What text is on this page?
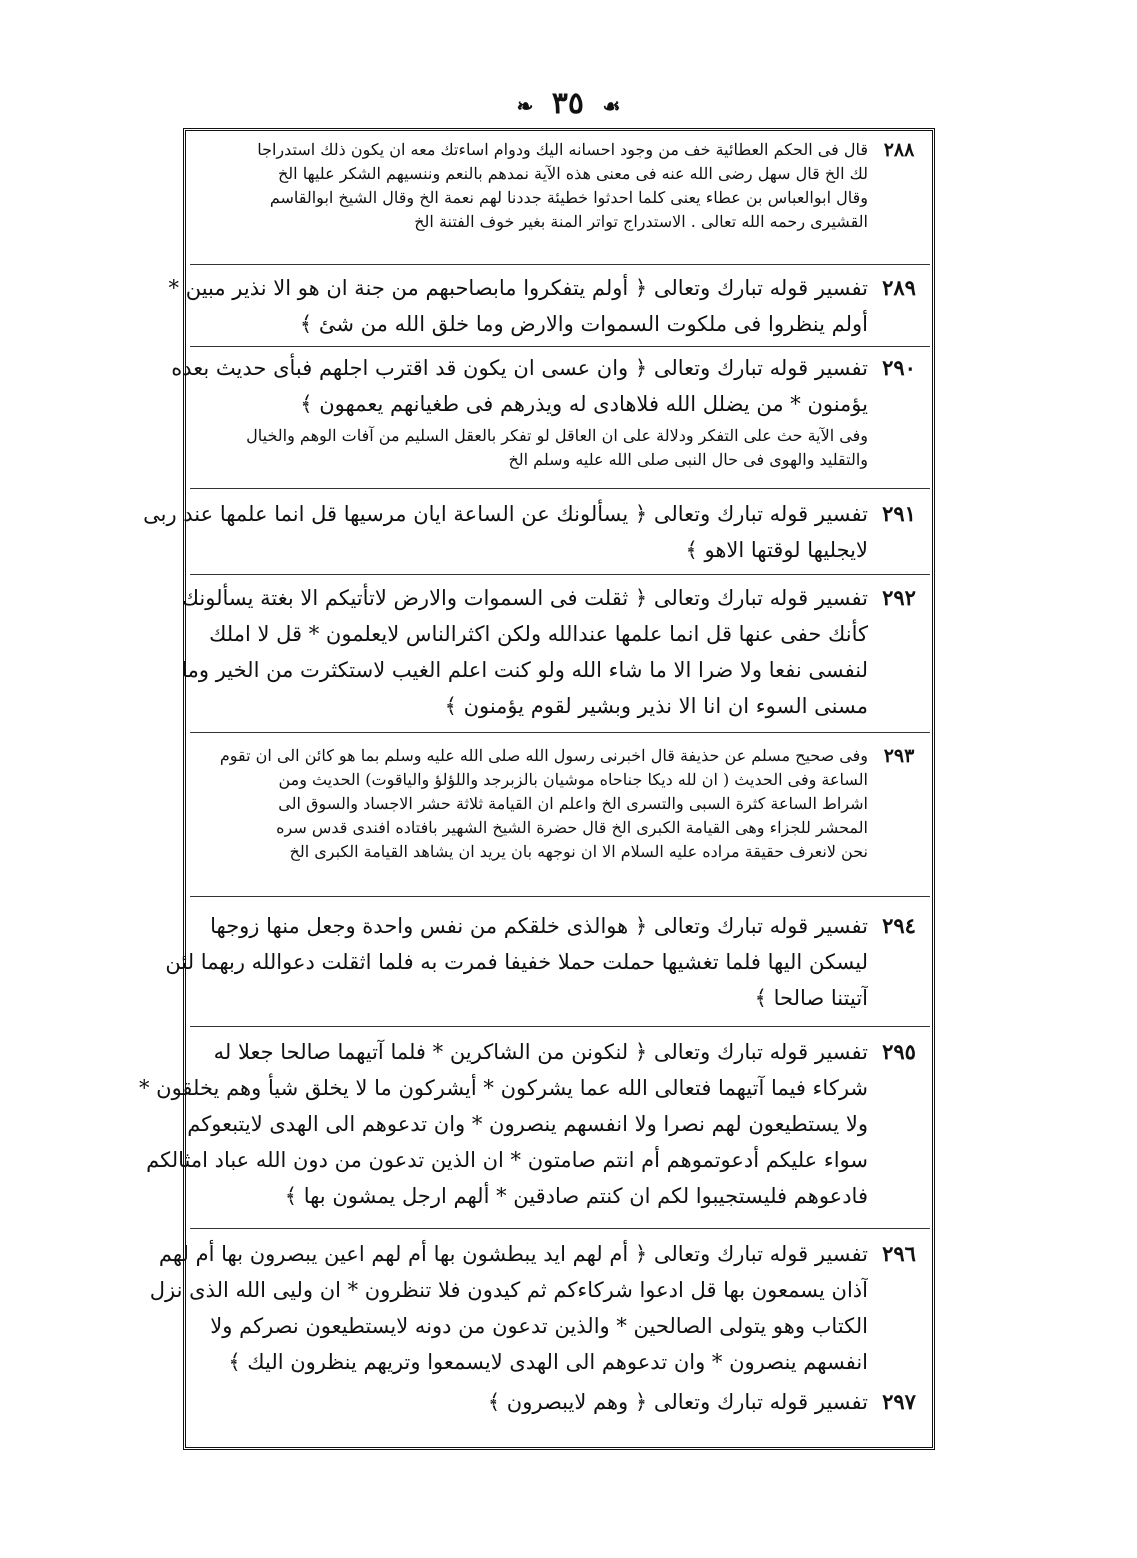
❧ ٣٥ ☙
٢٨٨
قال فى الحكم العطائية خف من وجود احسانه اليك ودوام اساءتك معه ان يكون ذلك استدراجا
لك الخ قال سهل رضى الله عنه فى معنى هذه الآية نمدهم بالنعم وننسيهم الشكر عليها الخ
وقال ابوالعباس بن عطاء يعنى كلما احدثوا خطيئة جددنا لهم نعمة الخ وقال الشيخ ابوالقاسم
القشيرى رحمه الله تعالى . الاستدراج تواتر المنة بغير خوف الفتنة الخ
٢٨٩
تفسير قوله تبارك وتعالى ﴿ أولم يتفكروا مابصاحبهم من جنة ان هو الا نذير مبين *
أولم ينظروا فى ملكوت السموات والارض وما خلق الله من شئ ﴾
٢٩٠
تفسير قوله تبارك وتعالى ﴿ وان عسى ان يكون قد اقترب اجلهم فبأى حديث بعده
يؤمنون * من يضلل الله فلاهادى له ويذرهم فى طغيانهم يعمهون ﴾
وفى الآية حث على التفكر ودلالة على ان العاقل لو تفكر بالعقل السليم من آفات الوهم والخيال
والتقليد والهوى فى حال النبى صلى الله عليه وسلم الخ
٢٩١
تفسير قوله تبارك وتعالى ﴿ يسألونك عن الساعة ايان مرسيها قل انما علمها عند ربى
لايجليها لوقتها الاهو ﴾
٢٩٢
تفسير قوله تبارك وتعالى ﴿ ثقلت فى السموات والارض لاتأتيكم الا بغتة يسألونك
كأنك حفى عنها قل انما علمها عندالله ولكن اكثرالناس لايعلمون * قل لا املك
لنفسى نفعا ولا ضرا الا ما شاء الله ولو كنت اعلم الغيب لاستكثرت من الخير وما
مسنى السوء ان انا الا نذير وبشير لقوم يؤمنون ﴾
٢٩٣
وفى صحيح مسلم عن حذيفة قال اخبرنى رسول الله صلى الله عليه وسلم بما هو كائن الى ان تقوم
الساعة وفى الحديث ( ان لله ديكا جناحاه موشيان بالزبرجد واللؤلؤ والياقوت) الحديث ومن
اشراط الساعة كثرة السبى والتسرى الخ واعلم ان القيامة ثلاثة حشر الاجساد والسوق الى
المحشر للجزاء وهى القيامة الكبرى الخ قال حضرة الشيخ الشهير بافتاده افندى قدس سره
نحن لانعرف حقيقة مراده عليه السلام الا ان نوجهه بان يريد ان يشاهد القيامة الكبرى الخ
٢٩٤
تفسير قوله تبارك وتعالى ﴿ هوالذى خلقكم من نفس واحدة وجعل منها زوجها
ليسكن اليها فلما تغشيها حملت حملا خفيفا فمرت به فلما اثقلت دعوالله ربهما لئن
آتيتنا صالحا ﴾
٢٩٥
تفسير قوله تبارك وتعالى ﴿ لنكونن من الشاكرين * فلما آتيهما صالحا جعلا له
شركاء فيما آتيهما فتعالى الله عما يشركون * أيشركون ما لا يخلق شيأ وهم يخلقون *
ولا يستطيعون لهم نصرا ولا انفسهم ينصرون * وان تدعوهم الى الهدى لايتبعوكم
سواء عليكم أدعوتموهم أم انتم صامتون * ان الذين تدعون من دون الله عباد امثالكم
فادعوهم فليستجيبوا لكم ان كنتم صادقين * ألهم ارجل يمشون بها ﴾
٢٩٦
تفسير قوله تبارك وتعالى ﴿ أم لهم ايد يبطشون بها أم لهم اعين يبصرون بها أم لهم
آذان يسمعون بها قل ادعوا شركاءكم ثم كيدون فلا تنظرون * ان وليى الله الذى نزل
الكتاب وهو يتولى الصالحين * والذين تدعون من دونه لايستطيعون نصركم ولا
انفسهم ينصرون * وان تدعوهم الى الهدى لايسمعوا وتريهم ينظرون اليك ﴾
٢٩٧
تفسير قوله تبارك وتعالى ﴿ وهم لايبصرون ﴾
